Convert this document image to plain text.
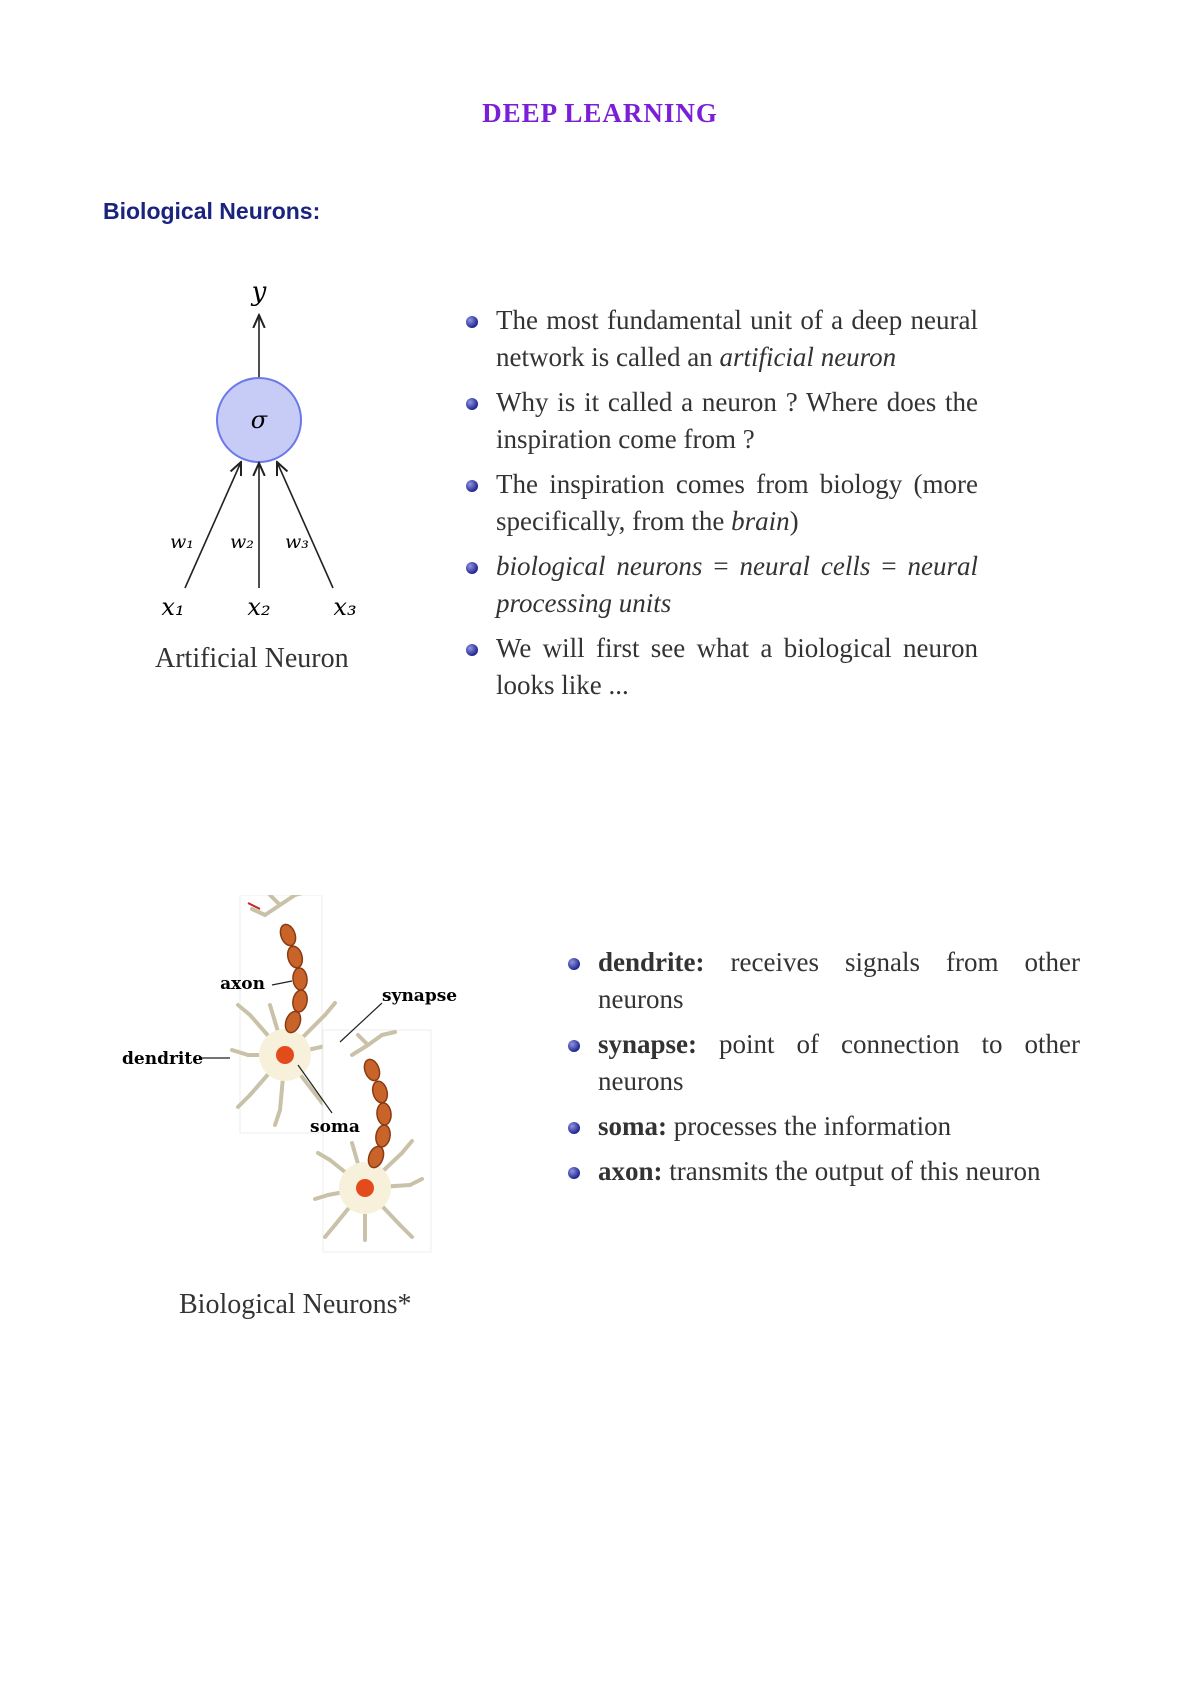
DEEP LEARNING
Biological Neurons:
y
σ
w₁ w₂ w₃
x₁	x₂	x₃
Artificial Neuron
The most fundamental unit of a deep neural network is called an artificial neuron
Why is it called a neuron ? Where does the inspiration come from ?
The inspiration comes from biology (more specifically, from the brain)
biological neurons = neural cells = neural processing units
We will first see what a biological neuron looks like ...
axon
synapse
dendrite
soma
Biological Neurons*
dendrite: receives signals from other neurons
synapse: point of connection to other neurons
soma: processes the information
axon: transmits the output of this neuron
